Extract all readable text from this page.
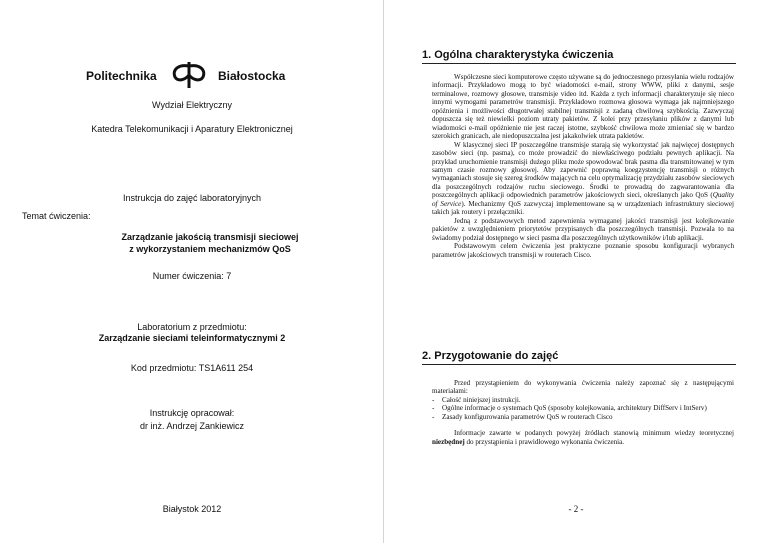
Politechnika	Białostocka
Wydział Elektryczny
Katedra Telekomunikacji i Aparatury Elektronicznej
Instrukcja do zajęć laboratoryjnych
Temat ćwiczenia:
Zarządzanie jakością transmisji sieciowej
z wykorzystaniem mechanizmów QoS
Numer ćwiczenia: 7
Laboratorium z przedmiotu:
Zarządzanie sieciami teleinformatycznymi 2
Kod przedmiotu: TS1A611 254
Instrukcję opracował:
dr inż. Andrzej Zankiewicz
Białystok 2012
1. Ogólna charakterystyka ćwiczenia

Współczesne sieci komputerowe często używane są do jednoczesnego przesyłania wielu rodzajów informacji. Przykładowo mogą to być wiadomości e-mail, strony WWW, pliki z danymi, sesje terminalowe, rozmowy głosowe, transmisje video itd. Każda z tych informacji charakteryzuje się nieco innymi wymogami parametrów transmisji. Przykładowo rozmowa głosowa wymaga jak najmniejszego opóźnienia i możliwości długotrwałej stabilnej transmisji z zadaną chwilową szybkością. Zazwyczaj dopuszcza się też niewielki poziom utraty pakietów. Z kolei przy przesyłaniu plików z danymi lub wiadomości e-mail opóźnienie nie jest raczej istotne, szybkość chwilowa może zmieniać się w bardzo szerokich granicach, ale niedopuszczalna jest jakakolwiek utrata pakietów.

W klasycznej sieci IP poszczególne transmisje starają się wykorzystać jak najwięcej dostępnych zasobów sieci (np. pasma), co może prowadzić do niewłaściwego podziału pewnych aplikacji. Na przykład uruchomienie transmisji dużego pliku może spowodować brak pasma dla transmitowanej w tym samym czasie rozmowy głosowej. Aby zapewnić poprawną koegzystencję transmisji o różnych wymaganiach stosuje się szereg środków mających na celu optymalizację przydziału zasobów sieciowych dla poszczególnych rodzajów ruchu sieciowego. Środki te prowadzą do zagwarantowania dla poszczególnych aplikacji odpowiednich parametrów jakościowych sieci, określanych jako QoS (Quality of Service). Mechanizmy QoS zazwyczaj implementowane są w urządzeniach infrastruktury sieciowej takich jak routery i przełączniki.

Jedną z podstawowych metod zapewnienia wymaganej jakości transmisji jest kolejkowanie pakietów z uwzględnieniem priorytetów przypisanych dla poszczególnych transmisji. Pozwala to na świadomy podział dostępnego w sieci pasma dla poszczególnych użytkowników i/lub aplikacji.

Podstawowym celem ćwiczenia jest praktyczne poznanie sposobu konfiguracji wybranych parametrów jakościowych transmisji w routerach Cisco.

2. Przygotowanie do zajęć

Przed przystąpieniem do wykonywania ćwiczenia należy zapoznać się z następującymi materiałami:

- Całość niniejszej instrukcji.
- Ogólne informacje o systemach QoS (sposoby kolejkowania, architektury DiffServ i IntServ)
- Zasady konfigurowania parametrów QoS w routerach Cisco

Informacje zawarte w podanych powyżej źródłach stanowią minimum wiedzy teoretycznej niezbędnej do przystąpienia i prawidłowego wykonania ćwiczenia.

- 2 -
